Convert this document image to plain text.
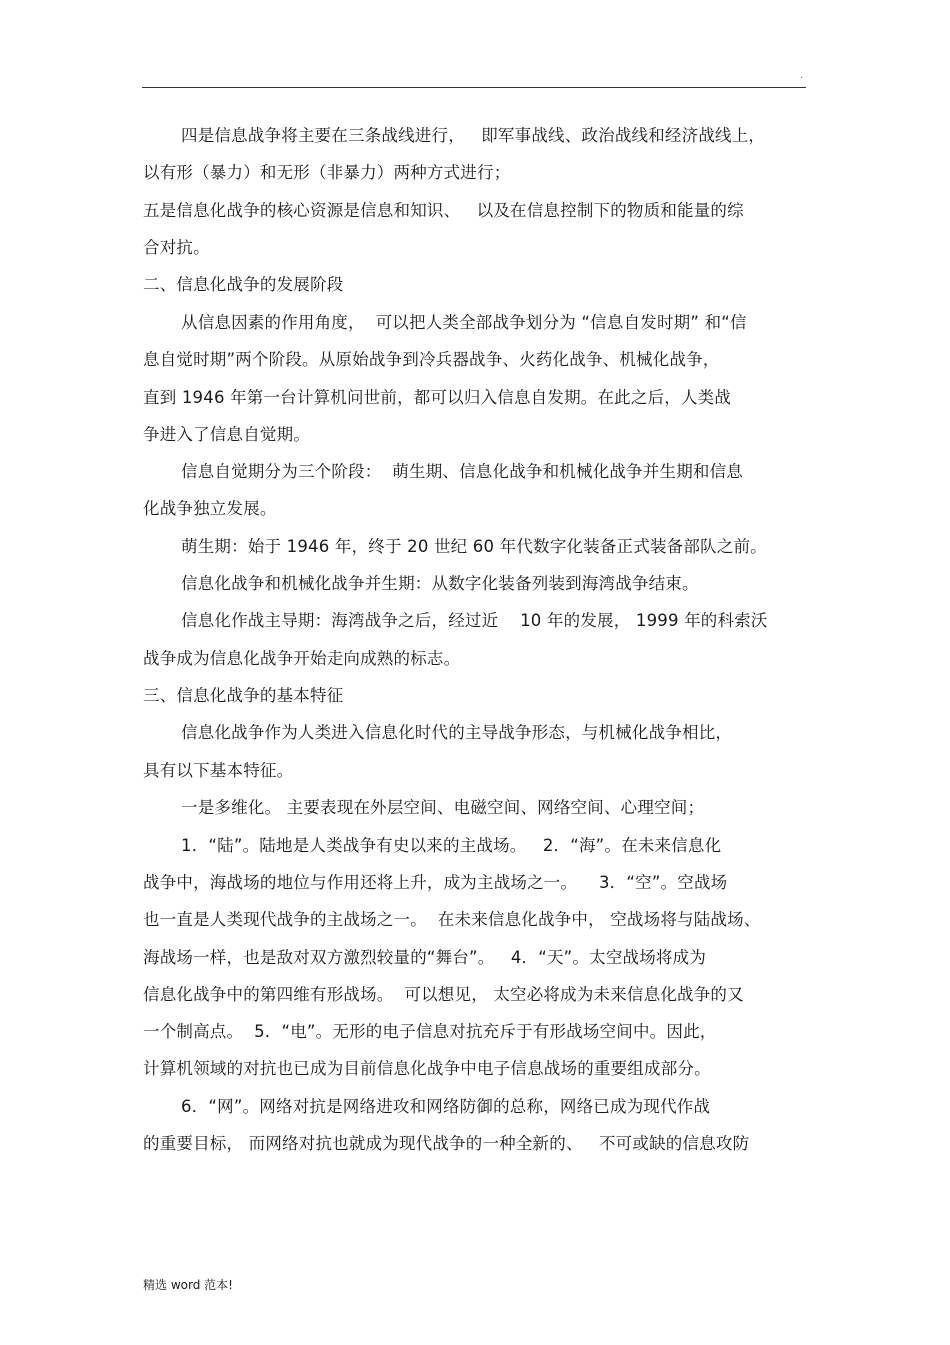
.
四是信息战争将主要在三条战线进行，   即军事战线、政治战线和经济战线上，
以有形（暴力）和无形（非暴力）两种方式进行；
五是信息化战争的核心资源是信息和知识、   以及在信息控制下的物质和能量的综
合对抗。
二、信息化战争的发展阶段
从信息因素的作用角度，  可以把人类全部战争划分为 “信息自发时期” 和“信
息自觉时期”两个阶段。从原始战争到冷兵器战争、火药化战争、机械化战争，
直到 1946 年第一台计算机问世前，都可以归入信息自发期。在此之后，人类战
争进入了信息自觉期。
信息自觉期分为三个阶段：  萌生期、信息化战争和机械化战争并生期和信息
化战争独立发展。
萌生期：始于 1946 年，终于 20 世纪 60 年代数字化装备正式装备部队之前。
信息化战争和机械化战争并生期：从数字化装备列装到海湾战争结束。
信息化作战主导期：海湾战争之后，经过近    10 年的发展， 1999 年的科索沃
战争成为信息化战争开始走向成熟的标志。
三、信息化战争的基本特征
信息化战争作为人类进入信息化时代的主导战争形态，与机械化战争相比，
具有以下基本特征。
一是多维化。 主要表现在外层空间、电磁空间、网络空间、心理空间；
1．“陆”。陆地是人类战争有史以来的主战场。   2．“海”。在未来信息化
战争中，海战场的地位与作用还将上升，成为主战场之一。    3．“空”。空战场
也一直是人类现代战争的主战场之一。  在未来信息化战争中， 空战场将与陆战场、
海战场一样，也是敌对双方激烈较量的“舞台”。   4．“天”。太空战场将成为
信息化战争中的第四维有形战场。  可以想见， 太空必将成为未来信息化战争的又
一个制高点。  5．“电”。无形的电子信息对抗充斥于有形战场空间中。因此，
计算机领域的对抗也已成为目前信息化战争中电子信息战场的重要组成部分。
6．“网”。网络对抗是网络进攻和网络防御的总称，网络已成为现代作战
的重要目标， 而网络对抗也就成为现代战争的一种全新的、   不可或缺的信息攻防
精选 word 范本!
